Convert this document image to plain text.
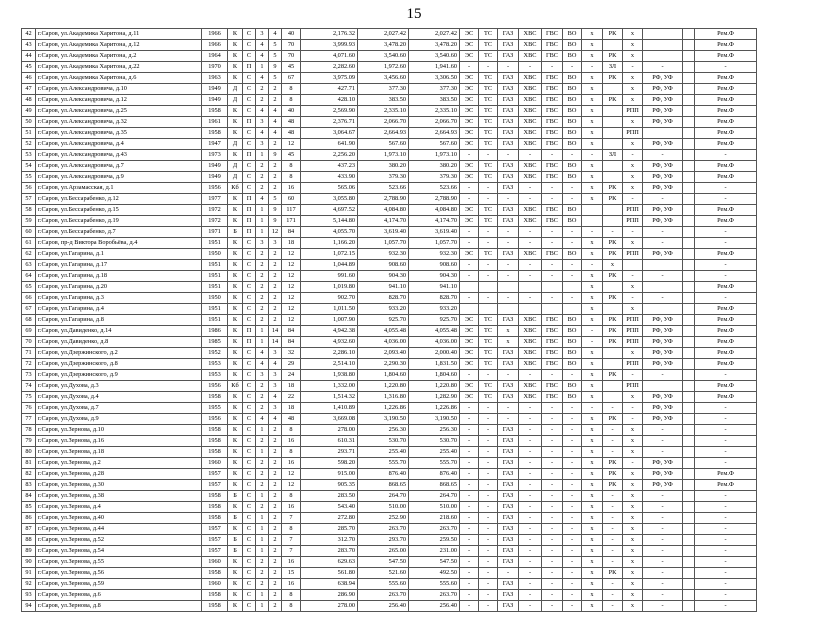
15
42	г.Саров, ул.Академика Харитона, д.11	1966	К	С	3	4	40	2,176.32	2,027.42	2,027.42	ЭС	ТС	ГАЗ	ХВС	ГВС	ВО	х	РК	х			Рем.Ф
43	г.Саров, ул.Академика Харитона, д.12	1966	К	С	4	5	70	3,999.93	3,478.20	3,478.20	ЭС	ТС	ГАЗ	ХВС	ГВС	ВО	х		х			Рем.Ф
44	г.Саров, ул.Академика Харитона, д.2	1964	К	С	4	5	70	4,071.60	3,540.60	3,540.60	ЭС	ТС	ГАЗ	ХВС	ГВС	ВО	х	РК	х			Рем.Ф
45	г.Саров, ул.Академика Харитона, д.22	1970	К	П	1	9	45	2,282.60	1,972.60	1,941.60	-	-	-	-	-	-	-	ЗЛ	-	-		-
46	г.Саров, ул.Академика Харитона, д.6	1963	К	С	4	5	67	3,975.09	3,456.60	3,306.50	ЭС	ТС	ГАЗ	ХВС	ГВС	ВО	х	РК	х	РФ, УФ		Рем.Ф
47	г.Саров, ул.Александровича, д.10	1949	Д	С	2	2	8	427.71	377.30	377.30	ЭС	ТС	ГАЗ	ХВС	ГВС	ВО	х		х	РФ, УФ		Рем.Ф
48	г.Саров, ул.Александровича, д.12	1949	Д	С	2	2	8	428.10	383.50	383.50	ЭС	ТС	ГАЗ	ХВС	ГВС	ВО	х	РК	х	РФ, УФ		Рем.Ф
49	г.Саров, ул.Александровича, д.25	1958	К	С	4	4	40	2,569.90	2,335.10	2,335.10	ЭС	ТС	ГАЗ	ХВС	ГВС	ВО	х		РПП	РФ, УФ		Рем.Ф
50	г.Саров, ул.Александровича, д.32	1961	К	П	3	4	48	2,376.71	2,066.70	2,066.70	ЭС	ТС	ГАЗ	ХВС	ГВС	ВО	х		х	РФ, УФ		Рем.Ф
51	г.Саров, ул.Александровича, д.35	1958	К	С	4	4	48	3,064.67	2,664.93	2,664.93	ЭС	ТС	ГАЗ	ХВС	ГВС	ВО	х		РПП			Рем.Ф
52	г.Саров, ул.Александровича, д.4	1947	Д	С	3	2	12	641.90	567.60	567.60	ЭС	ТС	ГАЗ	ХВС	ГВС	ВО	х		х	РФ, УФ		Рем.Ф
53	г.Саров, ул.Александровича, д.43	1973	К	П	1	9	45	2,256.20	1,973.10	1,973.10	-	-	-	-	-	-	-	ЗЛ	-	-		-
54	г.Саров, ул.Александровича, д.7	1949	Д	С	2	2	8	437.23	380.20	380.20	ЭС	ТС	ГАЗ	ХВС	ГВС	ВО	х		х	РФ, УФ		Рем.Ф
55	г.Саров, ул.Александровича, д.9	1949	Д	С	2	2	8	433.90	379.30	379.30	ЭС	ТС	ГАЗ	ХВС	ГВС	ВО	х		х	РФ, УФ		Рем.Ф
56	г.Саров, ул.Арзамасская, д.1	1956	Кб	С	2	2	16	565.06	523.66	523.66	-	-	ГАЗ	-	-	-	х	РК	х	РФ, УФ		-
57	г.Саров, ул.Бессарабенко, д.12	1977	К	П	4	5	60	3,055.80	2,788.90	2,788.90	-	-	-	-	-	-	х	РК	-	-		-
58	г.Саров, ул.Бессарабенко, д.15	1972	К	П	1	9	117	4,697.52	4,084.80	4,084.80	ЭС	ТС	ГАЗ	ХВС	ГВС	ВО			РПП	РФ, УФ		Рем.Ф
59	г.Саров, ул.Бессарабенко, д.19	1972	К	П	1	9	171	5,144.80	4,174.70	4,174.70	ЭС	ТС	ГАЗ	ХВС	ГВС	ВО			РПП	РФ, УФ		Рем.Ф
60	г.Саров, ул.Бессарабенко, д.7	1971	Б	П	1	12	84	4,055.70	3,619.40	3,619.40	-	-	-	-	-	-	-	-	-	-		-
61	г.Саров, пр-д Виктора Воробьёва, д.4	1951	К	С	3	3	18	1,166.20	1,057.70	1,057.70	-	-	-	-	-	-	х	РК	х	-		-
62	г.Саров, ул.Гагарина, д.1	1950	К	С	2	2	12	1,072.15	932.30	932.30	ЭС	ТС	ГАЗ	ХВС	ГВС	ВО	х	РК	РПП	РФ, УФ		Рем.Ф
63	г.Саров, ул.Гагарина, д.17	1951	К	С	2	2	12	1,044.89	908.60	908.60	-	-	-	-	-	-	-	х				-
64	г.Саров, ул.Гагарина, д.18	1951	К	С	2	2	12	991.60	904.30	904.30	-	-	-	-	-	-	х	РК	-	-		-
65	г.Саров, ул.Гагарина, д.20	1951	К	С	2	2	12	1,019.80	941.10	941.10							х		х			Рем.Ф
66	г.Саров, ул.Гагарина, д.3	1950	К	С	2	2	12	902.70	828.70	828.70	-	-	-	-	-	-	х	РК	-	-		-
67	г.Саров, ул.Гагарина, д.4	1951	К	С	2	2	12	1,011.50	933.20	933.20							х		х			Рем.Ф
68	г.Саров, ул.Гагарина, д.8	1951	К	С	2	2	12	1,007.90	925.70	925.70	ЭС	ТС	ГАЗ	ХВС	ГВС	ВО	х	РК	РПП	РФ, УФ		Рем.Ф
69	г.Саров, ул.Давиденко, д.14	1986	К	П	1	14	84	4,942.38	4,055.48	4,055.48	ЭС	ТС	х	ХВС	ГВС	ВО	-	РК	РПП	РФ, УФ		Рем.Ф
70	г.Саров, ул.Давиденко, д.8	1985	К	П	1	14	84	4,932.60	4,036.00	4,036.00	ЭС	ТС	х	ХВС	ГВС	ВО	-	РК	РПП	РФ, УФ		Рем.Ф
71	г.Саров, ул.Дзержинского, д.2	1952	К	С	4	3	32	2,286.10	2,093.40	2,000.40	ЭС	ТС	ГАЗ	ХВС	ГВС	ВО	х		х	РФ, УФ		Рем.Ф
72	г.Саров, ул.Дзержинского, д.8	1953	К	С	4	4	29	2,514.10	2,290.30	1,831.50	ЭС	ТС	ГАЗ	ХВС	ГВС	ВО	х		РПП	РФ, УФ		Рем.Ф
73	г.Саров, ул.Дзержинского, д.9	1953	К	С	3	3	24	1,938.80	1,804.60	1,804.60	-	-	-	-	-	-	х	РК	-	-		-
74	г.Саров, ул.Духова, д.3	1956	Кб	С	2	3	18	1,332.00	1,220.80	1,220.80	ЭС	ТС	ГАЗ	ХВС	ГВС	ВО	х		РПП			Рем.Ф
75	г.Саров, ул.Духова, д.4	1958	К	С	2	4	22	1,514.32	1,316.80	1,282.90	ЭС	ТС	ГАЗ	ХВС	ГВС	ВО	х		х	РФ, УФ		Рем.Ф
76	г.Саров, ул.Духова, д.7	1955	К	С	2	3	18	1,410.89	1,226.86	1,226.86	-	-	-	-	-	-	-	-	-	РФ, УФ		-
77	г.Саров, ул.Духова, д.9	1956	К	С	4	4	48	3,669.08	3,190.50	3,190.50	-	-	-	-	-	-	х	РК	-	РФ, УФ		-
78	г.Саров, ул.Зернова, д.10	1958	К	С	1	2	8	278.00	256.30	256.30	-	-	ГАЗ	-	-	-	х	-	х	-		-
79	г.Саров, ул.Зернова, д.16	1958	К	С	2	2	16	610.31	530.70	530.70	-	-	ГАЗ	-	-	-	х	-	х	-		-
80	г.Саров, ул.Зернова, д.18	1958	К	С	1	2	8	293.71	255.40	255.40	-	-	ГАЗ	-	-	-	х	-	х	-		-
81	г.Саров, ул.Зернова, д.2	1960	К	С	2	2	16	598.20	555.70	555.70	-	-	ГАЗ	-	-	-	х	РК	-	РФ, УФ		-
82	г.Саров, ул.Зернова, д.28	1957	К	С	2	2	12	915.00	876.40	876.40	-	-	ГАЗ	-	-	-	х	РК	х	РФ, УФ		Рем.Ф
83	г.Саров, ул.Зернова, д.30	1957	К	С	2	2	12	905.35	868.65	868.65	-	-	ГАЗ	-	-	-	х	РК	х	РФ, УФ		Рем.Ф
84	г.Саров, ул.Зернова, д.38	1958	Б	С	1	2	8	283.50	264.70	264.70	-	-	ГАЗ	-	-	-	х	-	х	-		-
85	г.Саров, ул.Зернова, д.4	1958	К	С	2	2	16	543.40	510.00	510.00	-	-	ГАЗ	-	-	-	х	-	х	-		-
86	г.Саров, ул.Зернова, д.40	1958	Б	С	1	2	7	272.80	252.90	218.60	-	-	ГАЗ	-	-	-	х	-	х	-		-
87	г.Саров, ул.Зернова, д.44	1957	К	С	1	2	8	285.70	263.70	263.70	-	-	ГАЗ	-	-	-	х	-	х	-		-
88	г.Саров, ул.Зернова, д.52	1957	Б	С	1	2	7	312.70	293.70	259.50	-	-	ГАЗ	-	-	-	х	-	х	-		-
89	г.Саров, ул.Зернова, д.54	1957	Б	С	1	2	7	283.70	265.00	231.00	-	-	ГАЗ	-	-	-	х	-	х	-		-
90	г.Саров, ул.Зернова, д.55	1960	К	С	2	2	16	629.63	547.50	547.50	-	-	ГАЗ	-	-	-	х	-	х	-		-
91	г.Саров, ул.Зернова, д.56	1958	К	С	2	2	15	561.80	521.60	492.50	-	-	-	-	-	-	х	РК	х	-		-
92	г.Саров, ул.Зернова, д.59	1960	К	С	2	2	16	638.94	555.60	555.60	-	-	ГАЗ	-	-	-	х	-	х	-		-
93	г.Саров, ул.Зернова, д.6	1958	К	С	1	2	8	286.90	263.70	263.70	-	-	ГАЗ	-	-	-	х	-	х	-		-
94	г.Саров, ул.Зернова, д.8	1958	К	С	1	2	8	278.00	256.40	256.40	-	-	ГАЗ	-	-	-	х	-	х	-		-
